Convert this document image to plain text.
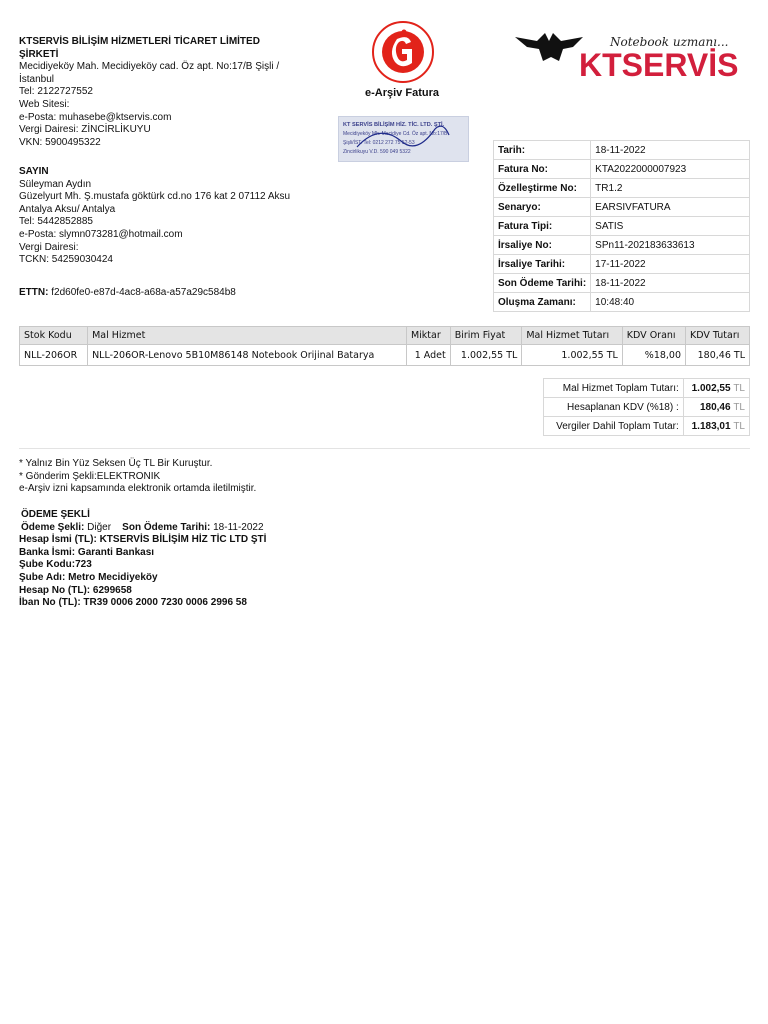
KTSERVİS BİLİŞİM HİZMETLERİ TİCARET LİMİTED
ŞİRKETİ
Mecidiyeköy Mah. Mecidiyeköy cad. Öz apt. No:17/B Şişli /
İstanbul
Tel: 2122727552
Web Sitesi:
e-Posta: muhasebe@ktservis.com
Vergi Dairesi: ZİNCİRLİKUYU
VKN: 5900495322
SAYIN
Süleyman Aydın
Güzelyurt Mh. Ş.mustafa göktürk cd.no 176 kat 2 07112 Aksu
Antalya Aksu/ Antalya
Tel: 5442852885
e-Posta: slymn073281@hotmail.com
Vergi Dairesi:
TCKN: 54259030424
ETTN: f2d60fe0-e87d-4ac8-a68a-a57a29c584b8
e-Arşiv Fatura
KT SERVİS BİLİŞİM HİZ. TİC. LTD. ŞTİ.
Mecidiyeköy Mh. Mecidiye Cd. Öz apt. No:17/B
Şişli/İST. Tel: 0212 272 75 52-53
Zincirlikuyu V.D. 590 049 5322
Notebook uzmanı...
KTSERVİS
Tarih:	18-11-2022
Fatura No:	KTA2022000007923
Özelleştirme No:	TR1.2
Senaryo:	EARSIVFATURA
Fatura Tipi:	SATIS
İrsaliye No:	SPn11-202183633613
İrsaliye Tarihi:	17-11-2022
Son Ödeme Tarihi:	18-11-2022
Oluşma Zamanı:	10:48:40
Stok Kodu	Mal Hizmet	Miktar	Birim Fiyat	Mal Hizmet Tutarı	KDV Oranı	KDV Tutarı
NLL-206OR	NLL-206OR-Lenovo 5B10M86148 Notebook Orijinal Batarya	1 Adet	1.002,55 TL	1.002,55 TL	%18,00	180,46 TL
Mal Hizmet Toplam Tutarı:	1.002,55 TL
Hesaplanan KDV (%18) :	180,46 TL
Vergiler Dahil Toplam Tutar:	1.183,01 TL
* Yalnız Bin Yüz Seksen Üç TL Bir Kuruştur.
* Gönderim Şekli:ELEKTRONIK
e-Arşiv izni kapsamında elektronik ortamda iletilmiştir.
ÖDEME ŞEKLİ
Ödeme Şekli: Diğer Son Ödeme Tarihi: 18-11-2022
Hesap İsmi (TL): KTSERVİS BİLİŞİM HİZ TİC LTD ŞTİ
Banka İsmi: Garanti Bankası
Şube Kodu:723
Şube Adı: Metro Mecidiyeköy
Hesap No (TL): 6299658
İban No (TL): TR39 0006 2000 7230 0006 2996 58
